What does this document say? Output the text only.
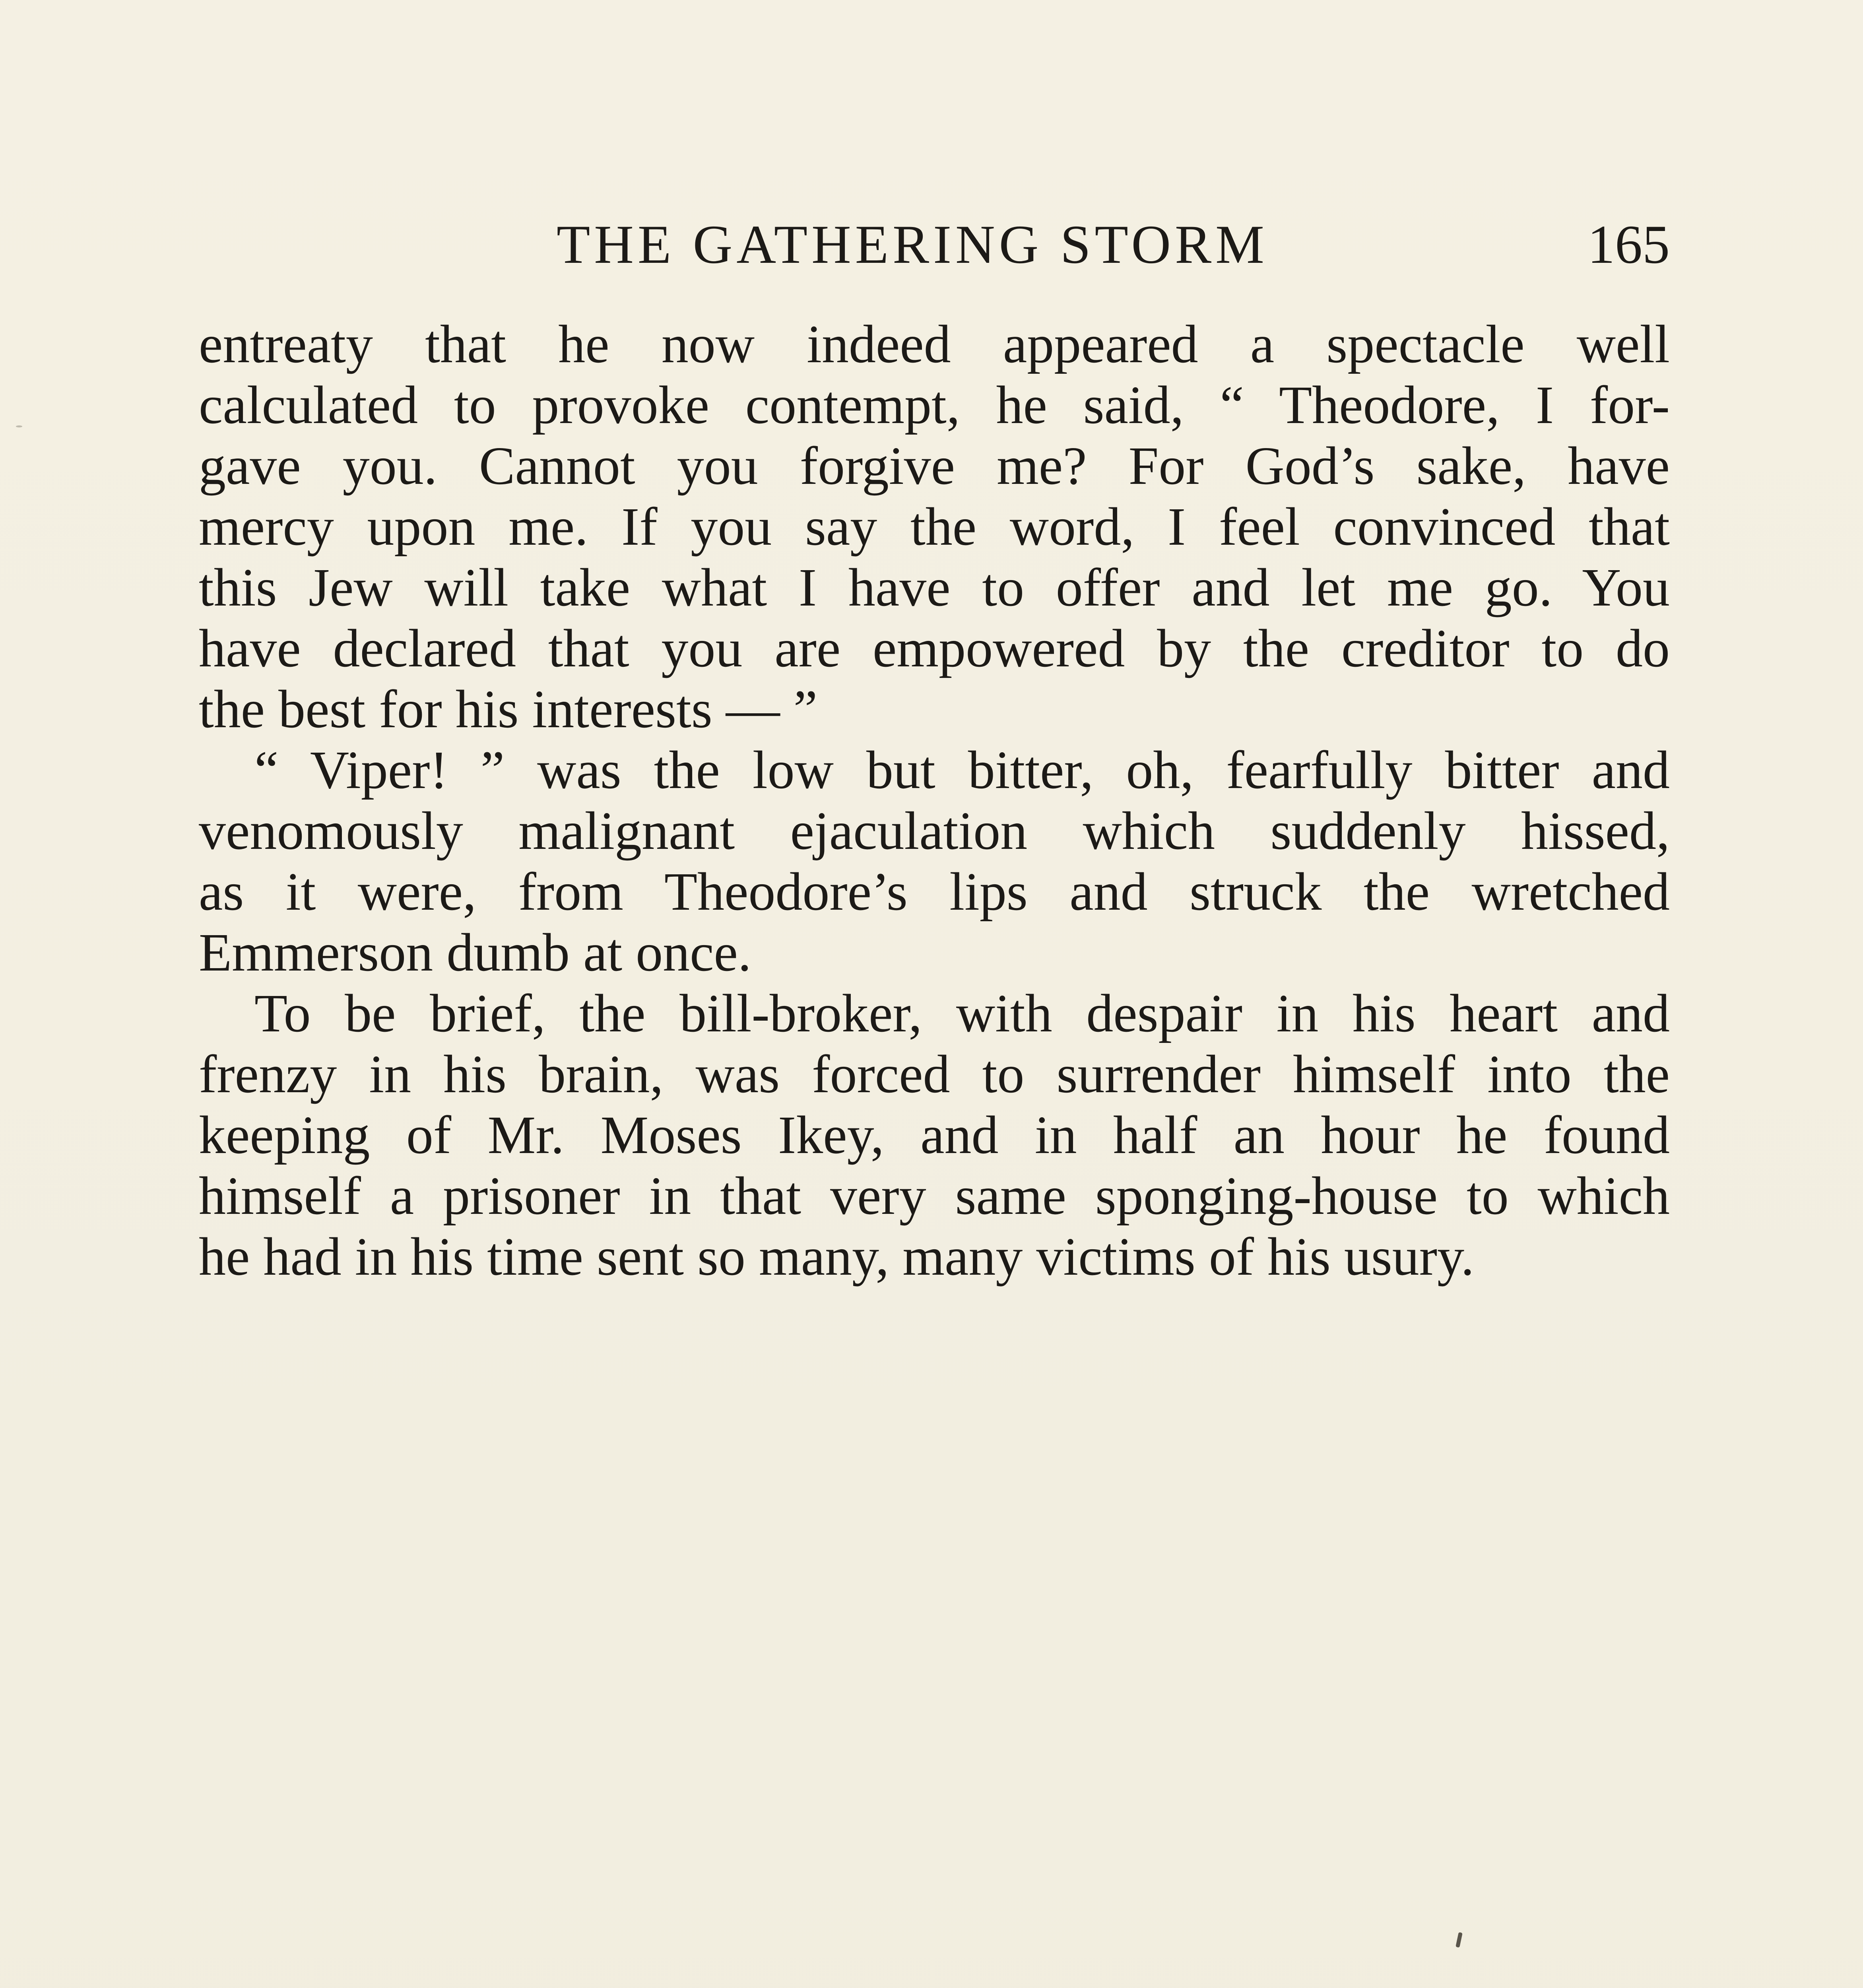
THE GATHERING STORM	165
entreaty that he now indeed appeared a spectacle well
calculated to provoke contempt, he said, “ Theodore, I for-
gave you. Cannot you forgive me? For God’s sake, have
mercy upon me. If you say the word, I feel convinced that
this Jew will take what I have to offer and let me go. You
have declared that you are empowered by the creditor to do
the best for his interests — ”
“ Viper! ” was the low but bitter, oh, fearfully bitter and
venomously malignant ejaculation which suddenly hissed,
as it were, from Theodore’s lips and struck the wretched
Emmerson dumb at once.
To be brief, the bill-broker, with despair in his heart and
frenzy in his brain, was forced to surrender himself into the
keeping of Mr. Moses Ikey, and in half an hour he found
himself a prisoner in that very same sponging-house to which
he had in his time sent so many, many victims of his usury.
